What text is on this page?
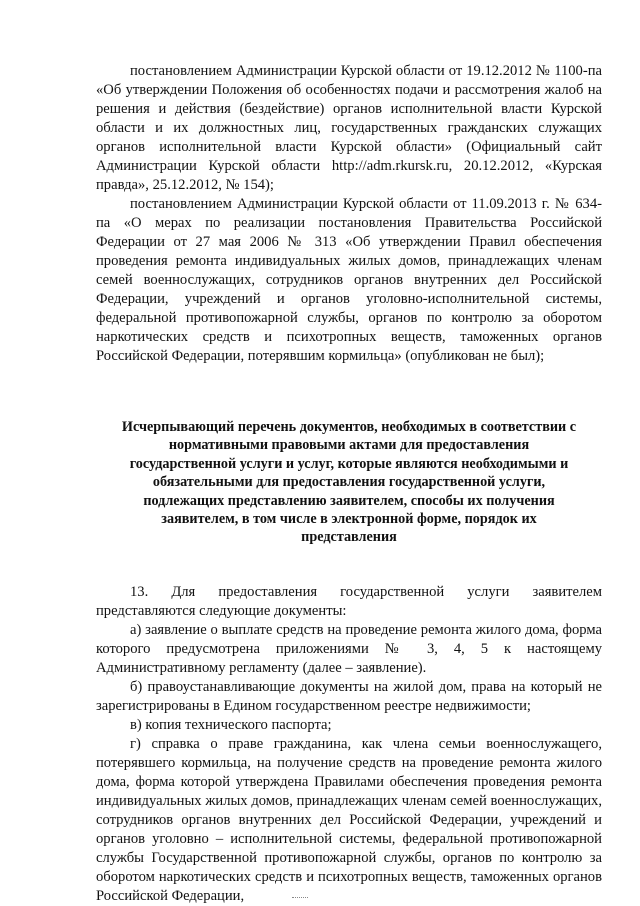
постановлением Администрации Курской области от 19.12.2012 № 1100-па «Об утверждении Положения об особенностях подачи и рассмотрения жалоб на решения и действия (бездействие) органов исполнительной власти Курской области и их должностных лиц, государственных гражданских служащих органов исполнительной власти Курской области» (Официальный сайт Администрации Курской области http://adm.rkursk.ru, 20.12.2012, «Курская правда», 25.12.2012, № 154);

постановлением Администрации Курской области от 11.09.2013 г. № 634-па «О мерах по реализации постановления Правительства Российской Федерации от 27 мая 2006 № 313 «Об утверждении Правил обеспечения проведения ремонта индивидуальных жилых домов, принадлежащих членам семей военнослужащих, сотрудников органов внутренних дел Российской Федерации, учреждений и органов уголовно-исполнительной системы, федеральной противопожарной службы, органов по контролю за оборотом наркотических средств и психотропных веществ, таможенных органов Российской Федерации, потерявшим кормильца» (опубликован не был);

Исчерпывающий перечень документов, необходимых в соответствии с нормативными правовыми актами для предоставления государственной услуги и услуг, которые являются необходимыми и обязательными для предоставления государственной услуги, подлежащих представлению заявителем, способы их получения заявителем, в том числе в электронной форме, порядок их представления

13. Для предоставления государственной услуги заявителем представляются следующие документы:

а) заявление о выплате средств на проведение ремонта жилого дома, форма которого предусмотрена приложениями № 3, 4, 5 к настоящему Административному регламенту (далее – заявление).

б) правоустанавливающие документы на жилой дом, права на который не зарегистрированы в Едином государственном реестре недвижимости;

в) копия технического паспорта;

г) справка о праве гражданина, как члена семьи военнослужащего, потерявшего кормильца, на получение средств на проведение ремонта жилого дома, форма которой утверждена Правилами обеспечения проведения ремонта индивидуальных жилых домов, принадлежащих членам семей военнослужащих, сотрудников органов внутренних дел Российской Федерации, учреждений и органов уголовно – исполнительной системы, федеральной противопожарной службы Государственной противопожарной службы, органов по контролю за оборотом наркотических средств и психотропных веществ, таможенных органов Российской Федерации,
